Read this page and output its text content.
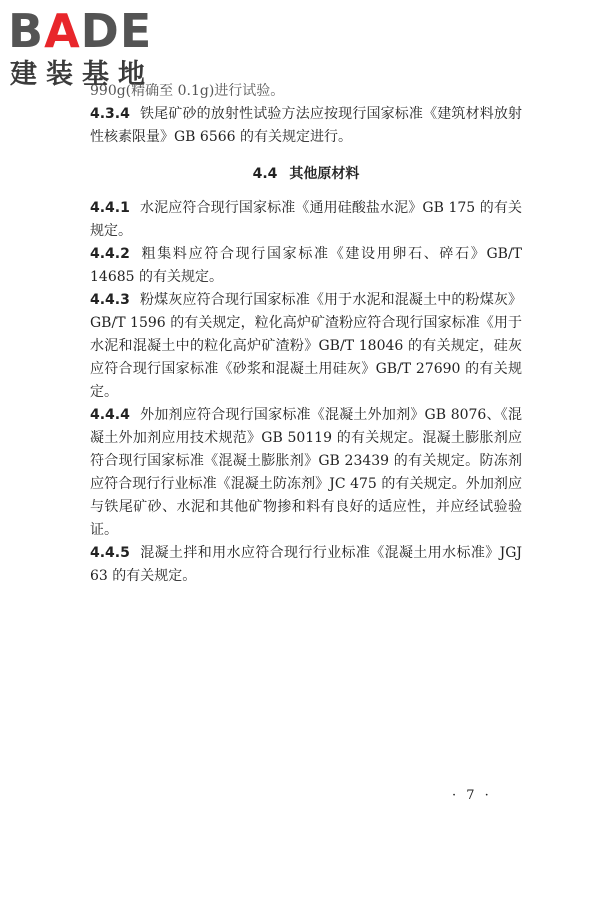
BADE
建装基地

990g(精确至 0.1g)进行试验。

4.3.4 铁尾矿砂的放射性试验方法应按现行国家标准《建筑材料放射性核素限量》GB 6566 的有关规定进行。

4.4 其他原材料

4.4.1 水泥应符合现行国家标准《通用硅酸盐水泥》GB 175 的有关规定。

4.4.2 粗集料应符合现行国家标准《建设用卵石、碎石》GB/T 14685 的有关规定。

4.4.3 粉煤灰应符合现行国家标准《用于水泥和混凝土中的粉煤灰》GB/T 1596 的有关规定，粒化高炉矿渣粉应符合现行国家标准《用于水泥和混凝土中的粒化高炉矿渣粉》GB/T 18046 的有关规定，硅灰应符合现行国家标准《砂浆和混凝土用硅灰》GB/T 27690 的有关规定。

4.4.4 外加剂应符合现行国家标准《混凝土外加剂》GB 8076、《混凝土外加剂应用技术规范》GB 50119 的有关规定。混凝土膨胀剂应符合现行国家标准《混凝土膨胀剂》GB 23439 的有关规定。防冻剂应符合现行行业标准《混凝土防冻剂》JC 475 的有关规定。外加剂应与铁尾矿砂、水泥和其他矿物掺和料有良好的适应性，并应经试验验证。

4.4.5 混凝土拌和用水应符合现行行业标准《混凝土用水标准》JGJ 63 的有关规定。

· 7 ·
